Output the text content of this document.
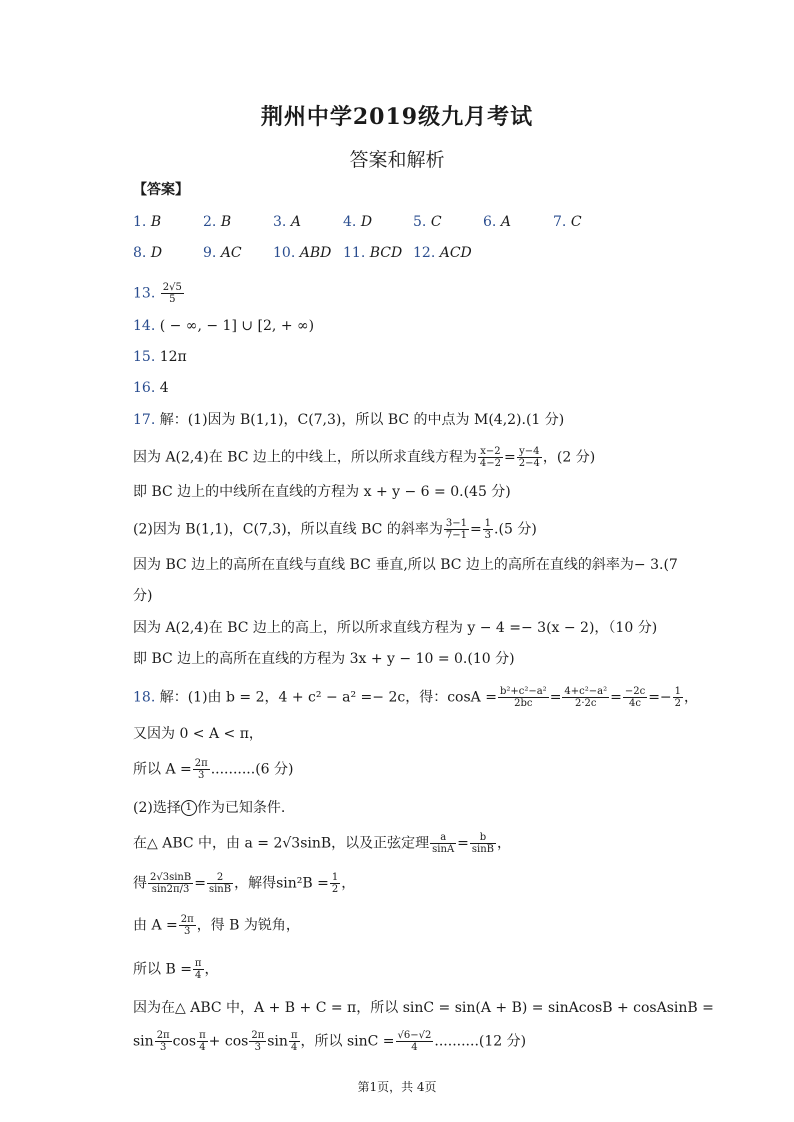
荆州中学2019级九月考试
答案和解析
【答案】
1. B	2. B	3. A	4. D	5. C	6. A	7. C
8. D	9. AC 10. ABD 11. BCD 12. ACD
13. $\frac{2√5}{5}$
14. ( − ∞, − 1] ∪ [2, + ∞)
15. 12π
16. 4
17. 解：(1)因为 B(1,1)，C(7,3)，所以 BC 的中点为 M(4,2).(1 分)
因为 A(2,4)在 BC 边上的中线上，所以所求直线方程为 $\frac{x-2}{4-2} = \frac{y-4}{2-4}$ ，(2 分)
即 BC 边上的中线所在直线的方程为 x + y − 6 = 0.(45 分)
(2)因为 B(1,1)，C(7,3)，所以直线 BC 的斜率为 $\frac{3-1}{7-1} = \frac{1}{3} .(5$ 分)
因为 BC 边上的高所在直线与直线 BC 垂直,所以 BC 边上的高所在直线的斜率为− 3.(7
分)
因为 A(2,4)在 BC 边上的高上，所以所求直线方程为 y − 4 =− 3(x − 2)，（10 分)
即 BC 边上的高所在直线的方程为 3x + y − 10 = 0.(10 分)
18. 解：(1)由 b = 2，4 + c² − a² =− 2c，得：$\cos A = \frac{\text{b²+c²−a²}}{2bc} = \frac{\text{4+c²−a²}}{2\cdot 2c} = \frac{-2c}{4c} =- \frac{1}{2}$ ，
又因为 0 < A < π，
所以 $A = \frac{2\pi}{3} ..........(6$ 分)
(2)选择 1 作为已知条件.
在△ ABC 中，由 a = 2√3sinB，以及正弦定理 $\frac{a}{\sin A} = \frac{b}{\sin B}$ ，
得 $\frac{2√3\sin B}{\sin 2\pi/3} = \frac{2}{\sin B}$ ，解得$\sin^2B = \frac{1}{2}$ ，
由 $A = \frac{2\pi}{3}$ ，得 B 为锐角，
所以 $B = \frac{\pi}{4}$ ，
因为在△ ABC 中，A + B + C = π，所以 sinC = sin(A + B) = sinAcosB + cosAsinB =
$\sin \frac{2\pi}{3}$ $\cos \frac{\pi}{4} + \cos \frac{2\pi}{3}$ $\sin \frac{\pi}{4}$ ，所以 $\sin C = \frac{√6-√2}{4} ..........(12$ 分)
第1页，共 4页
